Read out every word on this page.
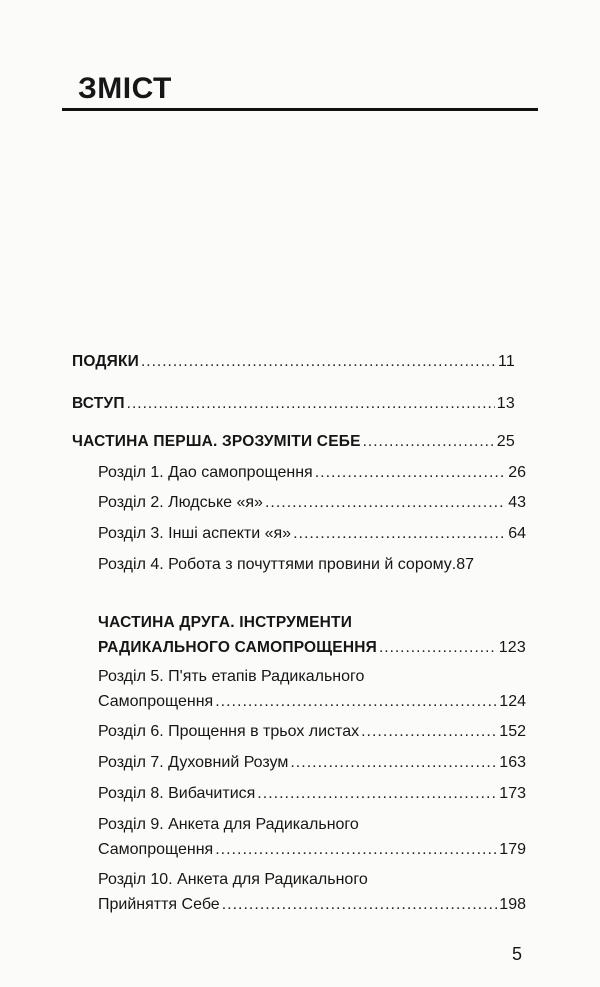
ЗМІСТ
ПОДЯКИ .....	11
ВСТУП .....	13
ЧАСТИНА ПЕРША. ЗРОЗУМІТИ СЕБЕ .....	25
Розділ 1. Дао самопрощення .....	26
Розділ 2. Людське «я» .....	43
Розділ 3. Інші аспекти «я» .....	64
Розділ 4. Робота з почуттями провини й сорому .87
ЧАСТИНА ДРУГА. ІНСТРУМЕНТИ
РАДИКАЛЬНОГО САМОПРОЩЕННЯ .....	123
Розділ 5. П'ять етапів Радикального
Самопрощення .....	124
Розділ 6. Прощення в трьох листах .....	152
Розділ 7. Духовний Розум .....	163
Розділ 8. Вибачитися .....	173
Розділ 9. Анкета для Радикального
Самопрощення .....	179
Розділ 10. Анкета для Радикального
Прийняття Себе .....	198
5
